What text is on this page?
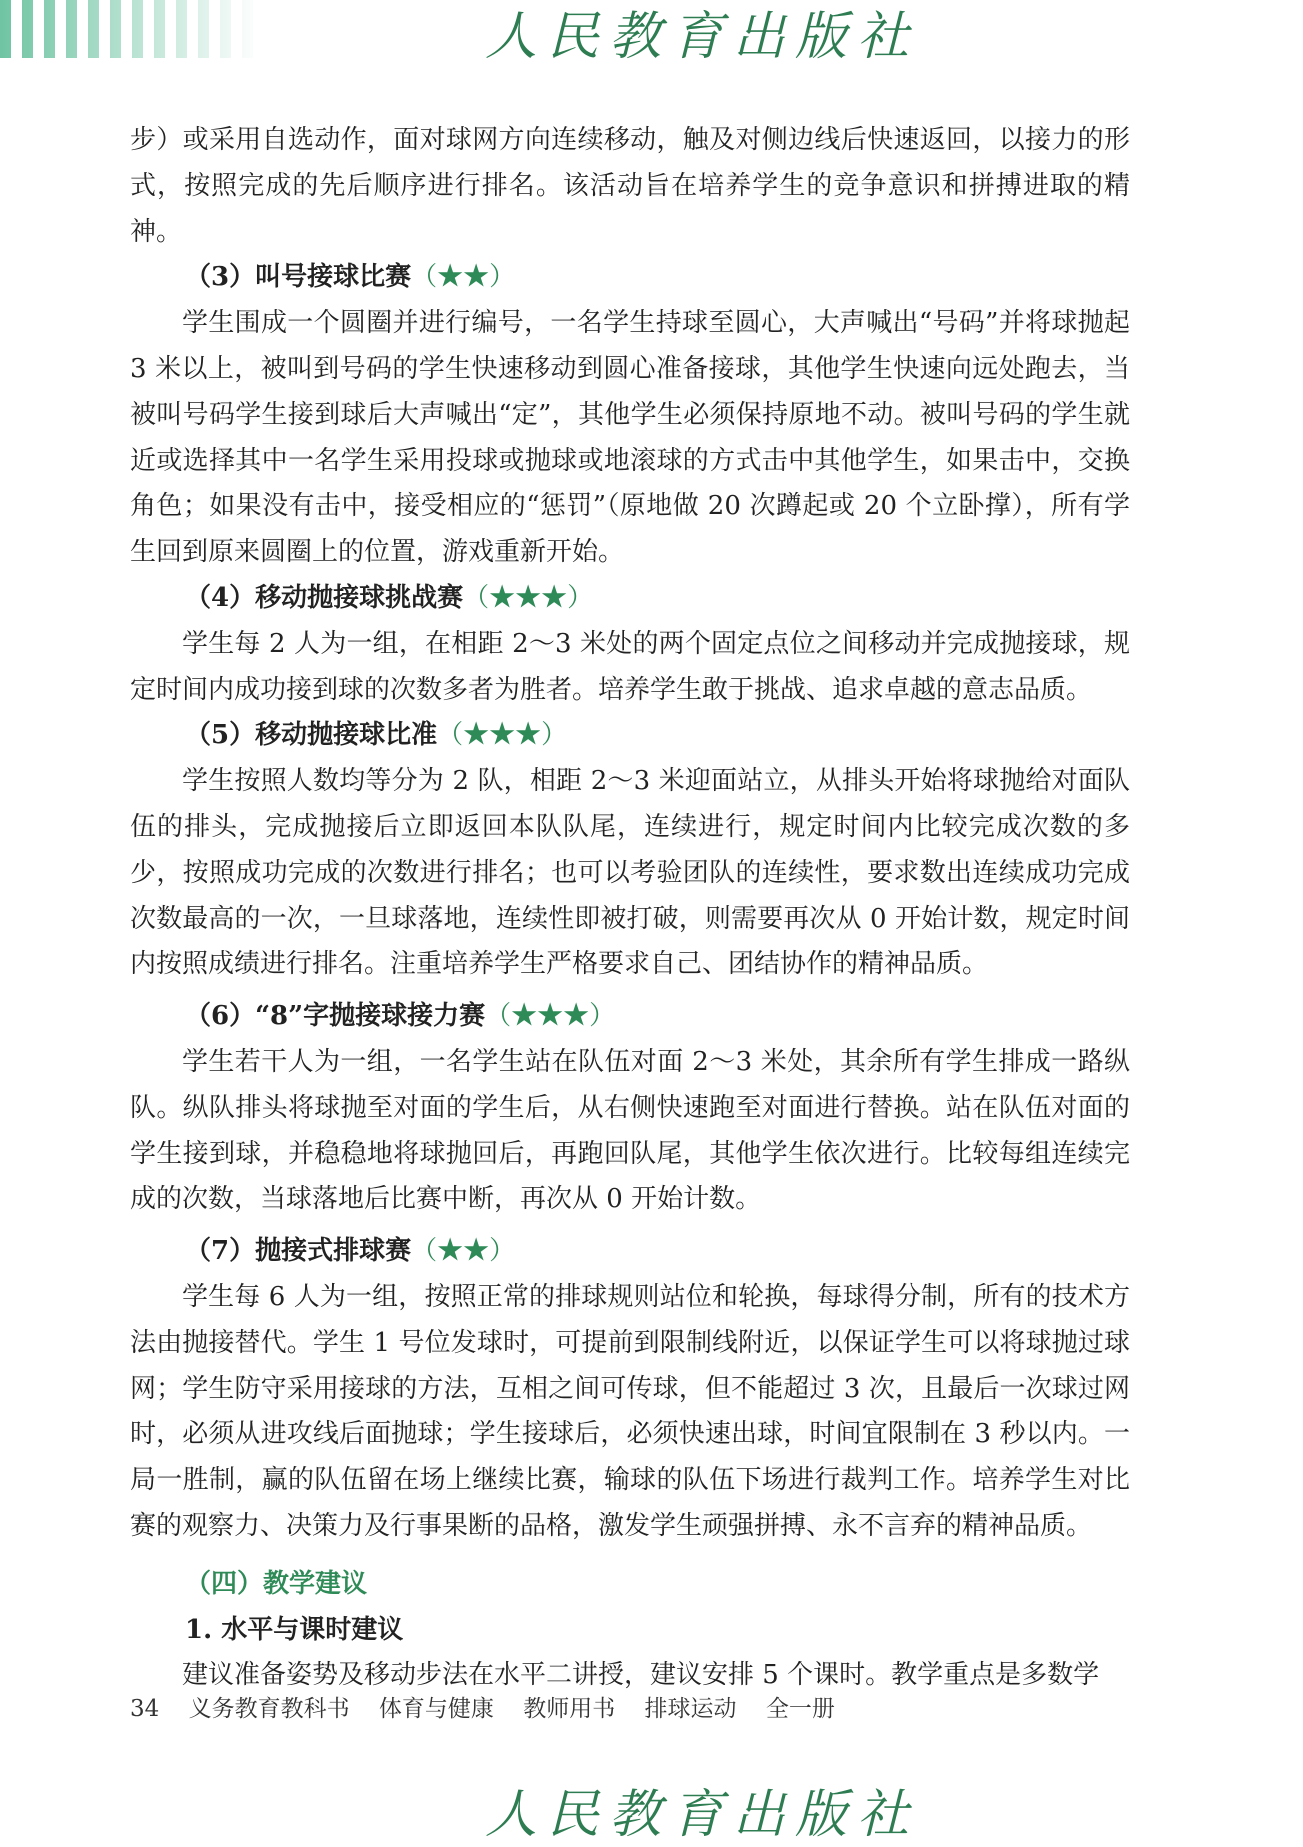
人民教育出版社

步）或采用自选动作，面对球网方向连续移动，触及对侧边线后快速返回，以接力的形式，按照完成的先后顺序进行排名。该活动旨在培养学生的竞争意识和拼搏进取的精神。

（3）叫号接球比赛（★★）

学生围成一个圆圈并进行编号，一名学生持球至圆心，大声喊出“号码”并将球抛起 3 米以上，被叫到号码的学生快速移动到圆心准备接球，其他学生快速向远处跑去，当被叫号码学生接到球后大声喊出“定”，其他学生必须保持原地不动。被叫号码的学生就近或选择其中一名学生采用投球或抛球或地滚球的方式击中其他学生，如果击中，交换角色；如果没有击中，接受相应的“惩罚”（原地做 20 次蹲起或 20 个立卧撑），所有学生回到原来圆圈上的位置，游戏重新开始。

（4）移动抛接球挑战赛（★★★）

学生每 2 人为一组，在相距 2～3 米处的两个固定点位之间移动并完成抛接球，规定时间内成功接到球的次数多者为胜者。培养学生敢于挑战、追求卓越的意志品质。

（5）移动抛接球比准（★★★）

学生按照人数均等分为 2 队，相距 2～3 米迎面站立，从排头开始将球抛给对面队伍的排头，完成抛接后立即返回本队队尾，连续进行，规定时间内比较完成次数的多少，按照成功完成的次数进行排名；也可以考验团队的连续性，要求数出连续成功完成次数最高的一次，一旦球落地，连续性即被打破，则需要再次从 0 开始计数，规定时间内按照成绩进行排名。注重培养学生严格要求自己、团结协作的精神品质。

（6）“8”字抛接球接力赛（★★★）

学生若干人为一组，一名学生站在队伍对面 2～3 米处，其余所有学生排成一路纵队。纵队排头将球抛至对面的学生后，从右侧快速跑至对面进行替换。站在队伍对面的学生接到球，并稳稳地将球抛回后，再跑回队尾，其他学生依次进行。比较每组连续完成的次数，当球落地后比赛中断，再次从 0 开始计数。

（7）抛接式排球赛（★★）

学生每 6 人为一组，按照正常的排球规则站位和轮换，每球得分制，所有的技术方法由抛接替代。学生 1 号位发球时，可提前到限制线附近，以保证学生可以将球抛过球网；学生防守采用接球的方法，互相之间可传球，但不能超过 3 次，且最后一次球过网时，必须从进攻线后面抛球；学生接球后，必须快速出球，时间宜限制在 3 秒以内。一局一胜制，赢的队伍留在场上继续比赛，输球的队伍下场进行裁判工作。培养学生对比赛的观察力、决策力及行事果断的品格，激发学生顽强拼搏、永不言弃的精神品质。

（四）教学建议

1. 水平与课时建议

建议准备姿势及移动步法在水平二讲授，建议安排 5 个课时。教学重点是多数学

34 义务教育教科书 体育与健康 教师用书 排球运动 全一册
人民教育出版社
